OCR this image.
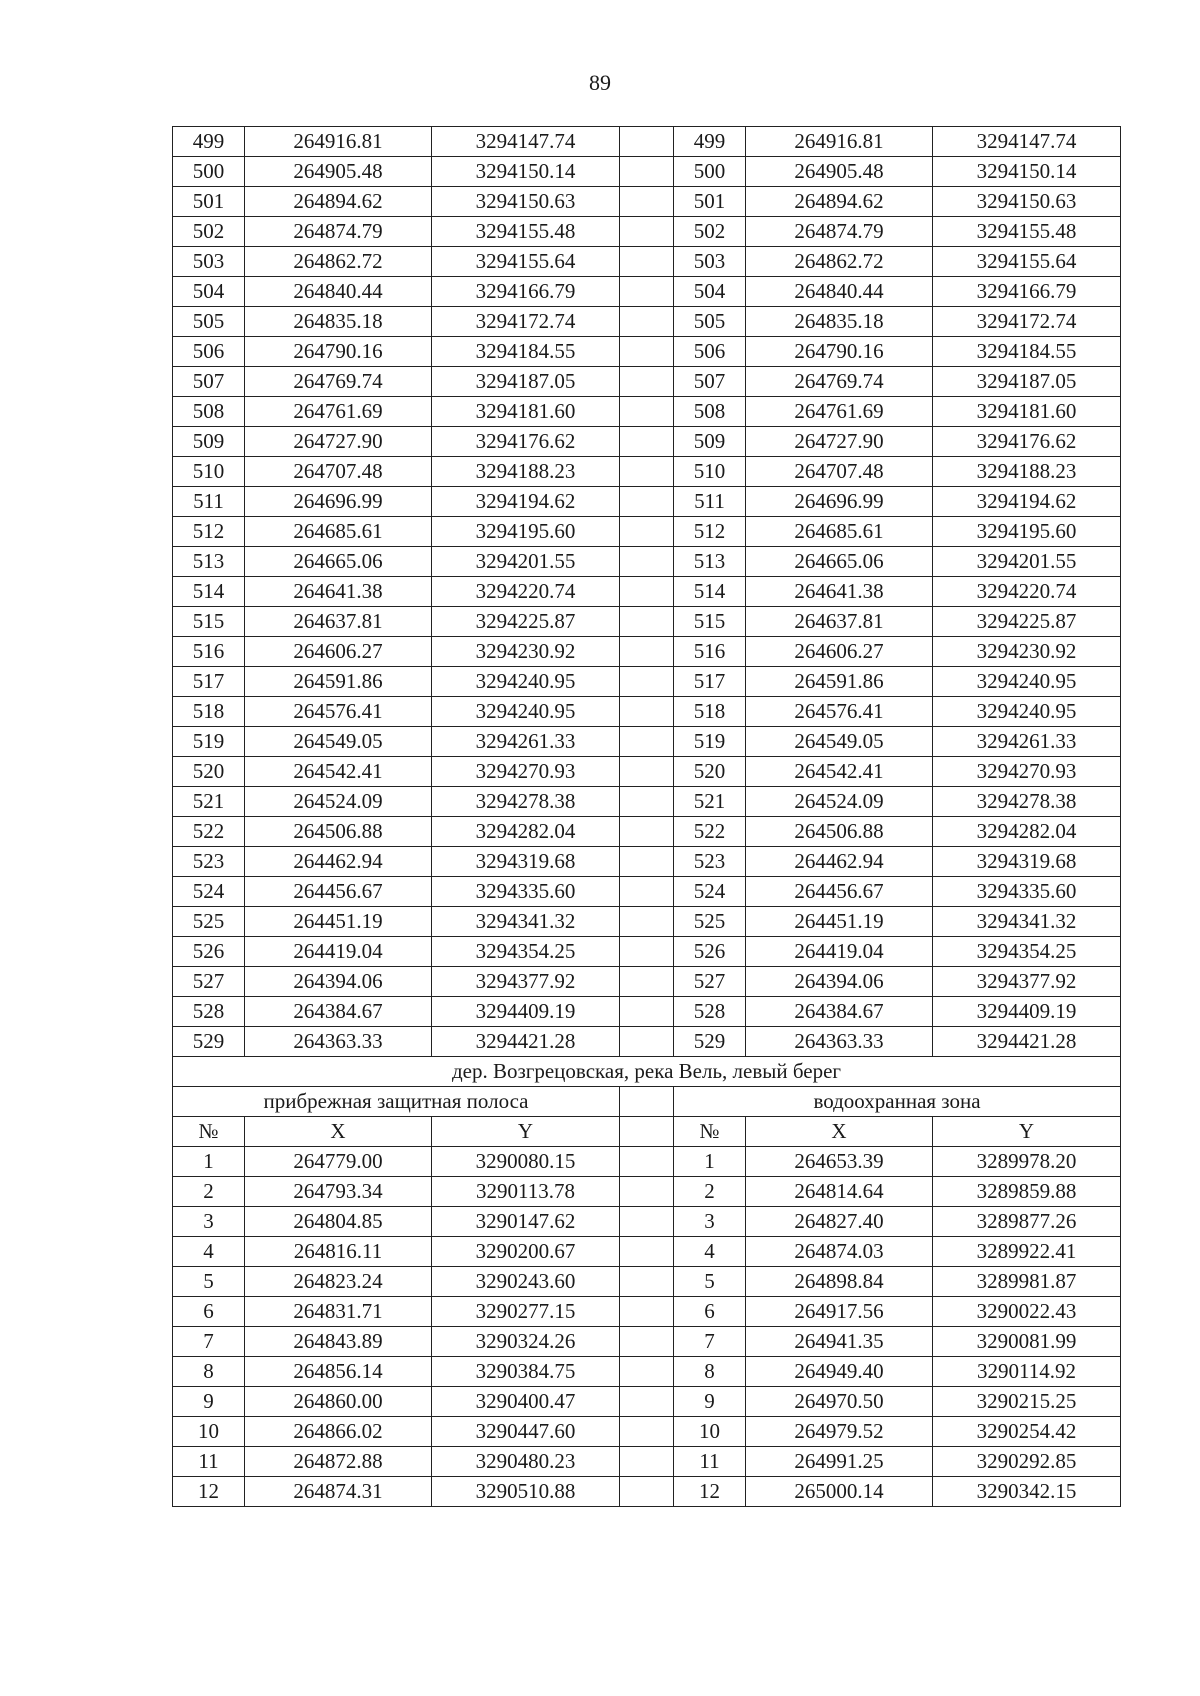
89
499	264916.81	3294147.74		499	264916.81	3294147.74
500	264905.48	3294150.14		500	264905.48	3294150.14
501	264894.62	3294150.63		501	264894.62	3294150.63
502	264874.79	3294155.48		502	264874.79	3294155.48
503	264862.72	3294155.64		503	264862.72	3294155.64
504	264840.44	3294166.79		504	264840.44	3294166.79
505	264835.18	3294172.74		505	264835.18	3294172.74
506	264790.16	3294184.55		506	264790.16	3294184.55
507	264769.74	3294187.05		507	264769.74	3294187.05
508	264761.69	3294181.60		508	264761.69	3294181.60
509	264727.90	3294176.62		509	264727.90	3294176.62
510	264707.48	3294188.23		510	264707.48	3294188.23
511	264696.99	3294194.62		511	264696.99	3294194.62
512	264685.61	3294195.60		512	264685.61	3294195.60
513	264665.06	3294201.55		513	264665.06	3294201.55
514	264641.38	3294220.74		514	264641.38	3294220.74
515	264637.81	3294225.87		515	264637.81	3294225.87
516	264606.27	3294230.92		516	264606.27	3294230.92
517	264591.86	3294240.95		517	264591.86	3294240.95
518	264576.41	3294240.95		518	264576.41	3294240.95
519	264549.05	3294261.33		519	264549.05	3294261.33
520	264542.41	3294270.93		520	264542.41	3294270.93
521	264524.09	3294278.38		521	264524.09	3294278.38
522	264506.88	3294282.04		522	264506.88	3294282.04
523	264462.94	3294319.68		523	264462.94	3294319.68
524	264456.67	3294335.60		524	264456.67	3294335.60
525	264451.19	3294341.32		525	264451.19	3294341.32
526	264419.04	3294354.25		526	264419.04	3294354.25
527	264394.06	3294377.92		527	264394.06	3294377.92
528	264384.67	3294409.19		528	264384.67	3294409.19
529	264363.33	3294421.28		529	264363.33	3294421.28
дер. Возгрецовская, река Вель, левый берег						
прибрежная защитная полоса				водоохранная зона		
№	X	Y		№	X	Y
1	264779.00	3290080.15		1	264653.39	3289978.20
2	264793.34	3290113.78		2	264814.64	3289859.88
3	264804.85	3290147.62		3	264827.40	3289877.26
4	264816.11	3290200.67		4	264874.03	3289922.41
5	264823.24	3290243.60		5	264898.84	3289981.87
6	264831.71	3290277.15		6	264917.56	3290022.43
7	264843.89	3290324.26		7	264941.35	3290081.99
8	264856.14	3290384.75		8	264949.40	3290114.92
9	264860.00	3290400.47		9	264970.50	3290215.25
10	264866.02	3290447.60		10	264979.52	3290254.42
11	264872.88	3290480.23		11	264991.25	3290292.85
12	264874.31	3290510.88		12	265000.14	3290342.15
